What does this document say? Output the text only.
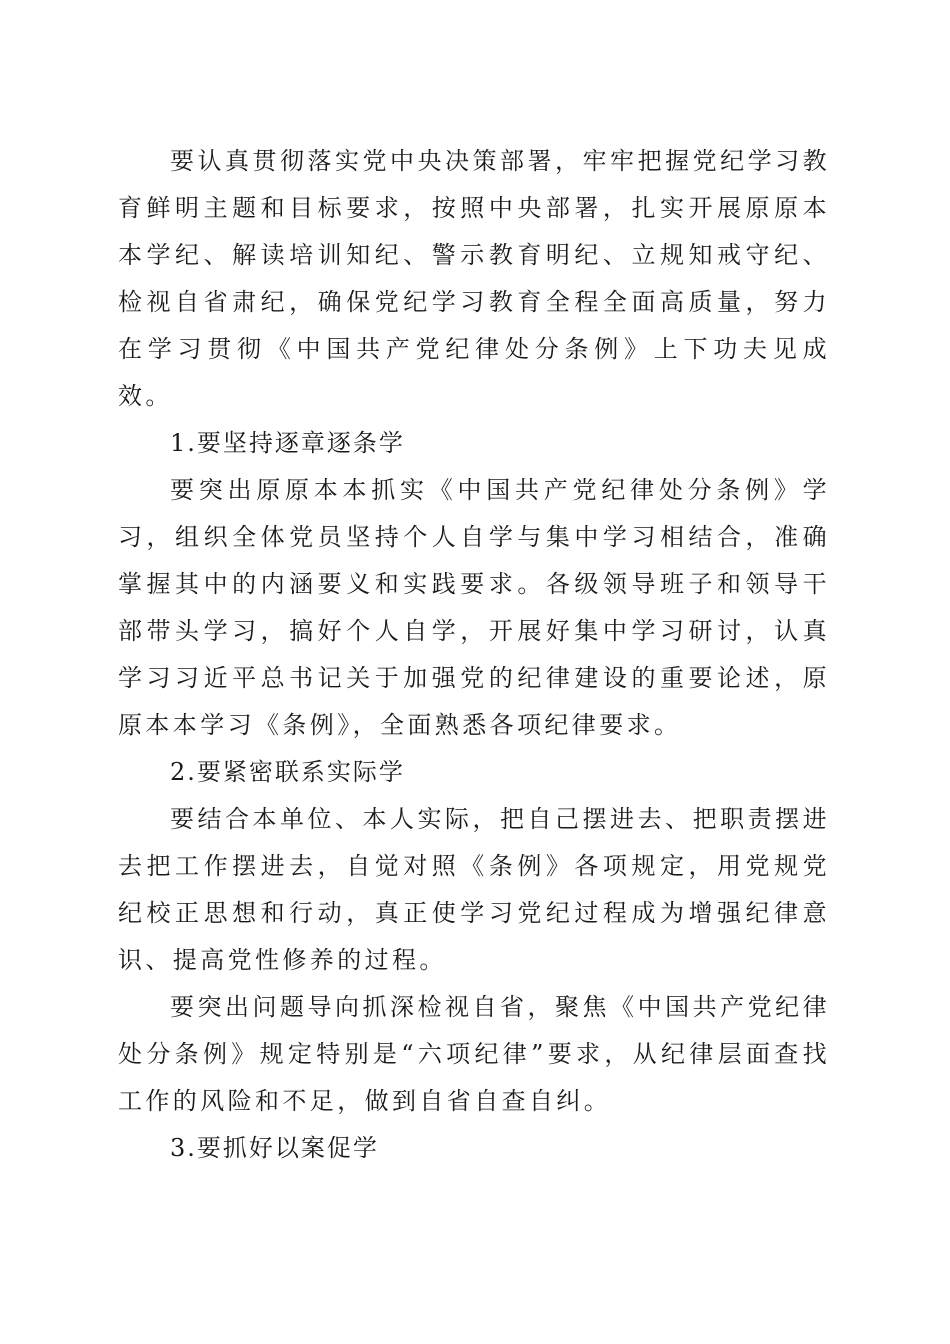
要认真贯彻落实党中央决策部署，牢牢把握党纪学习教育鲜明主题和目标要求，按照中央部署，扎实开展原原本本学纪、解读培训知纪、警示教育明纪、立规知戒守纪、检视自省肃纪，确保党纪学习教育全程全面高质量，努力在学习贯彻《中国共产党纪律处分条例》上下功夫见成效。

1.要坚持逐章逐条学

要突出原原本本抓实《中国共产党纪律处分条例》学习，组织全体党员坚持个人自学与集中学习相结合，准确掌握其中的内涵要义和实践要求。各级领导班子和领导干部带头学习，搞好个人自学，开展好集中学习研讨，认真学习习近平总书记关于加强党的纪律建设的重要论述，原原本本学习《条例》，全面熟悉各项纪律要求。

2.要紧密联系实际学

要结合本单位、本人实际，把自己摆进去、把职责摆进去把工作摆进去，自觉对照《条例》各项规定，用党规党纪校正思想和行动，真正使学习党纪过程成为增强纪律意识、提高党性修养的过程。

要突出问题导向抓深检视自省，聚焦《中国共产党纪律处分条例》规定特别是“六项纪律”要求，从纪律层面查找工作的风险和不足，做到自省自查自纠。

3.要抓好以案促学
